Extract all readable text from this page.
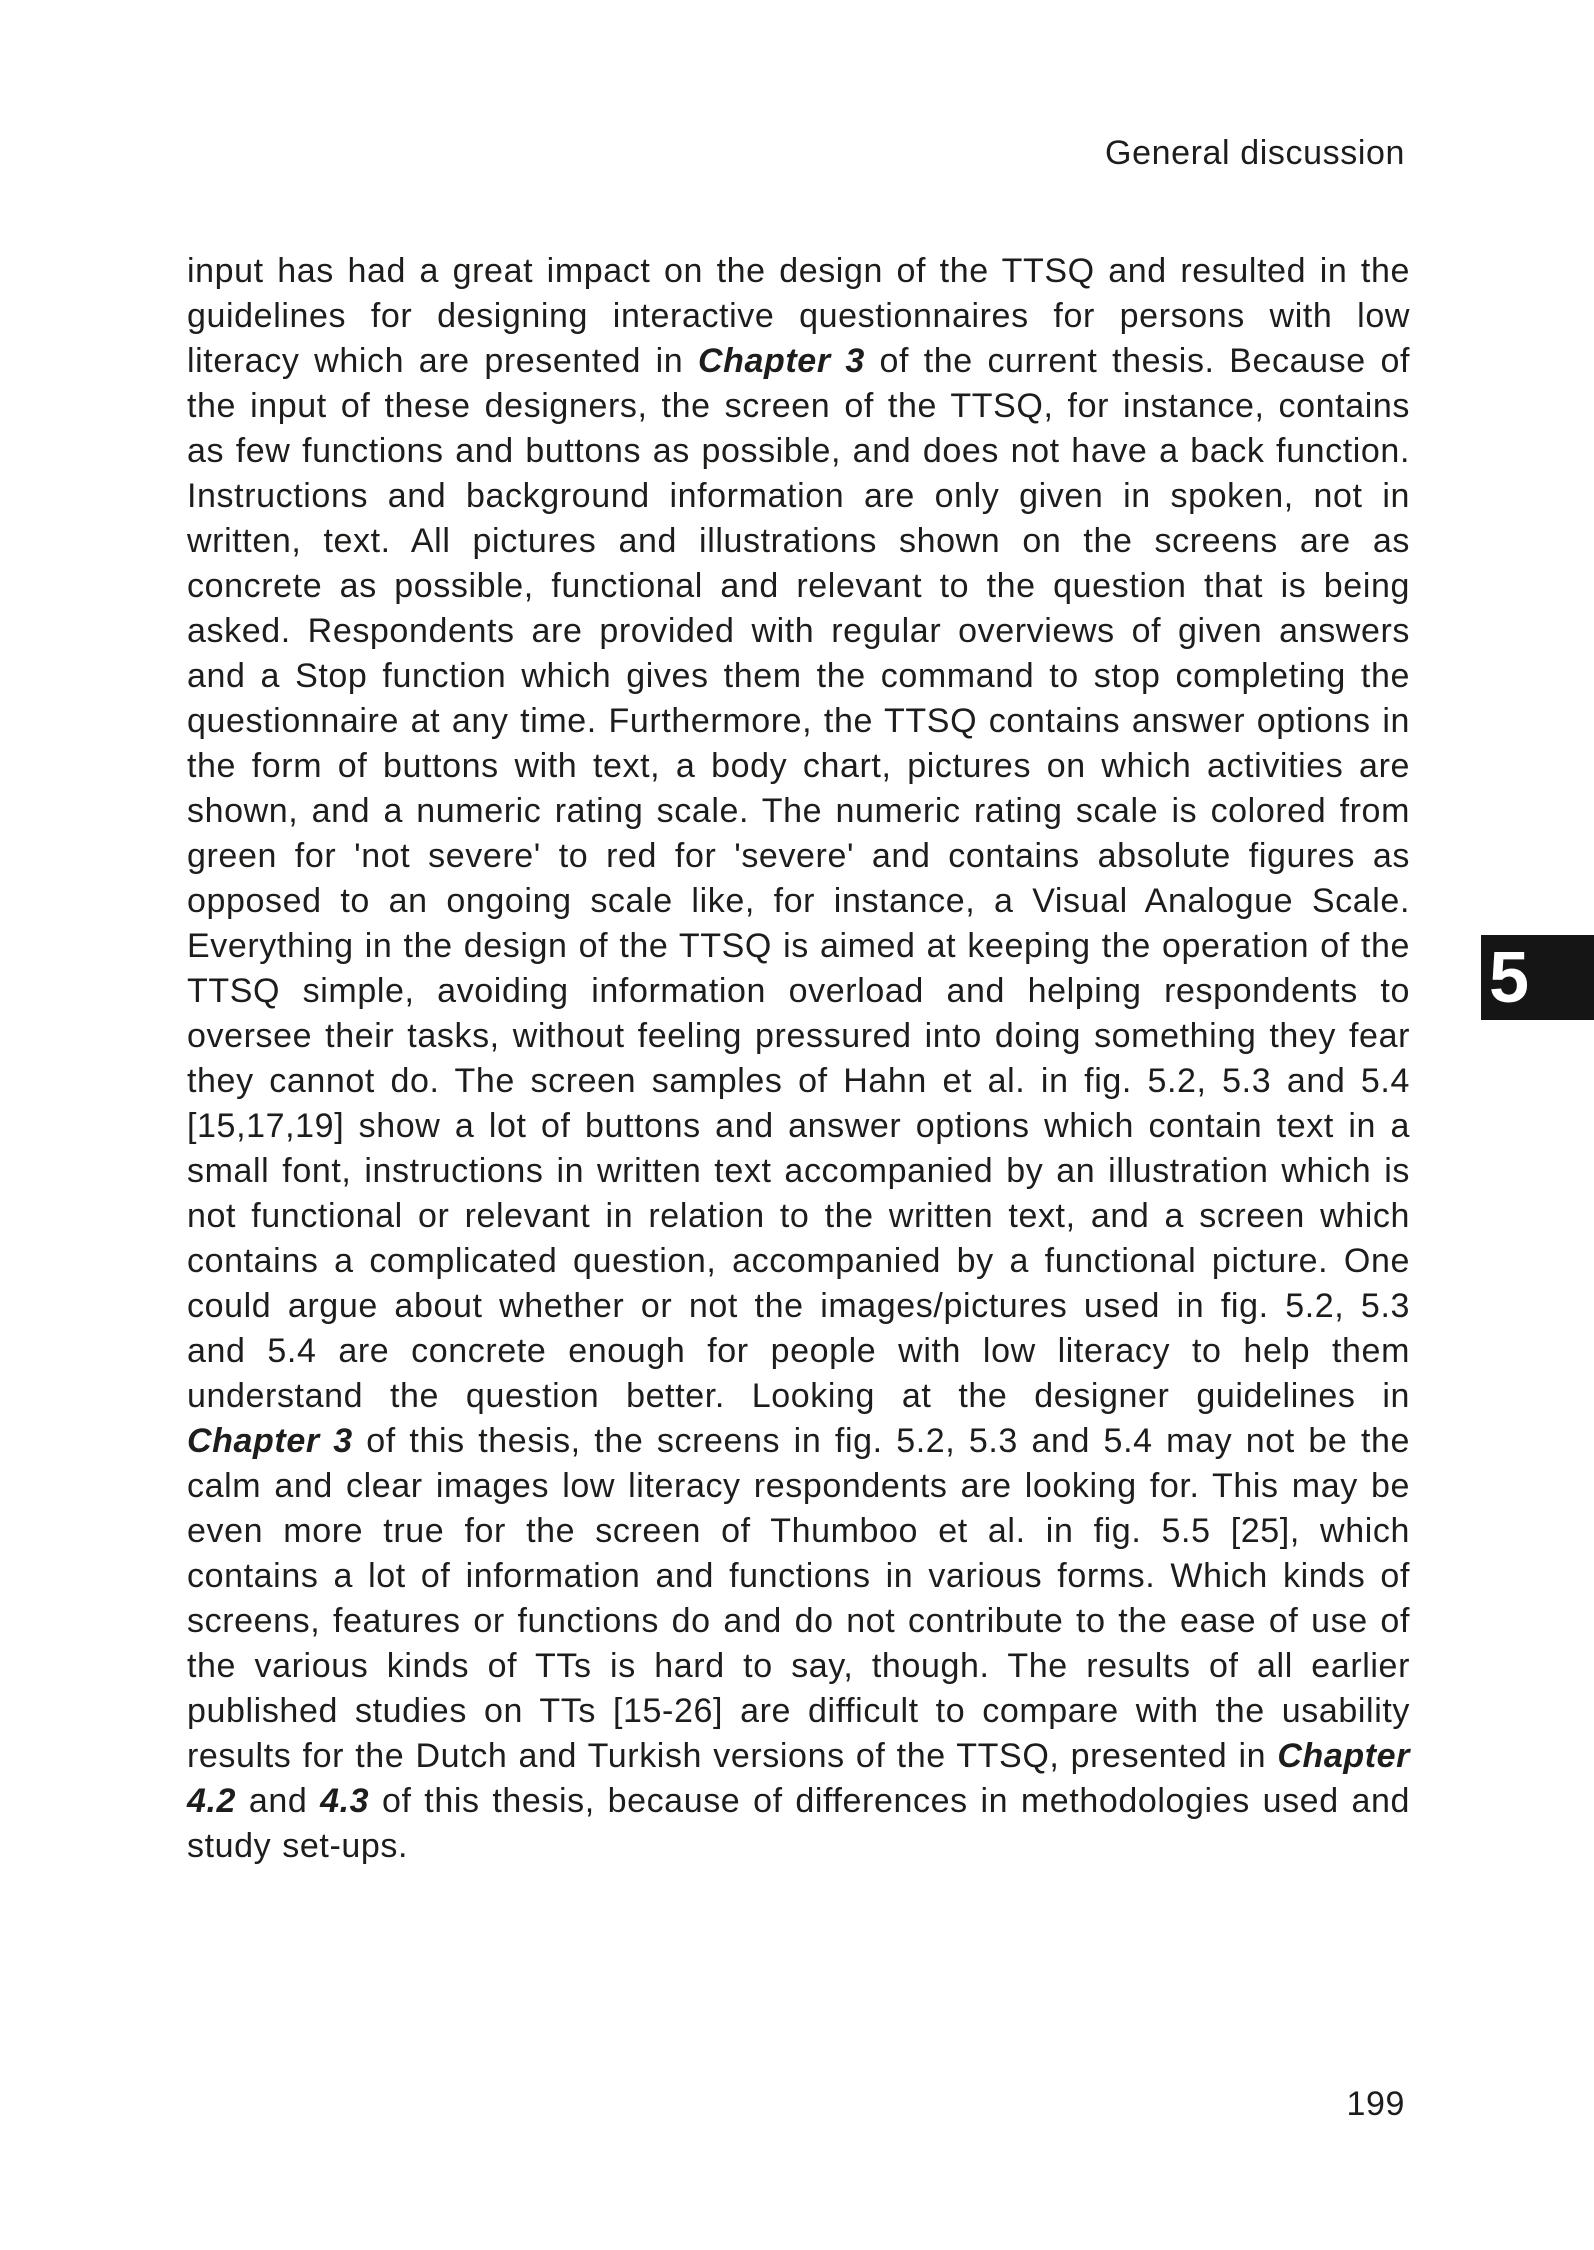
General discussion
input has had a great impact on the design of the TTSQ and resulted in the guidelines for designing interactive questionnaires for persons with low literacy which are presented in Chapter 3 of the current thesis. Because of the input of these designers, the screen of the TTSQ, for instance, contains as few functions and buttons as possible, and does not have a back function. Instructions and background information are only given in spoken, not in written, text. All pictures and illustrations shown on the screens are as concrete as possible, functional and relevant to the question that is being asked. Respondents are provided with regular overviews of given answers and a Stop function which gives them the command to stop completing the questionnaire at any time. Furthermore, the TTSQ contains answer options in the form of buttons with text, a body chart, pictures on which activities are shown, and a numeric rating scale. The numeric rating scale is colored from green for 'not severe' to red for 'severe' and contains absolute figures as opposed to an ongoing scale like, for instance, a Visual Analogue Scale. Everything in the design of the TTSQ is aimed at keeping the operation of the TTSQ simple, avoiding information overload and helping respondents to oversee their tasks, without feeling pressured into doing something they fear they cannot do. The screen samples of Hahn et al. in fig. 5.2, 5.3 and 5.4 [15,17,19] show a lot of buttons and answer options which contain text in a small font, instructions in written text accompanied by an illustration which is not functional or relevant in relation to the written text, and a screen which contains a complicated question, accompanied by a functional picture. One could argue about whether or not the images/pictures used in fig. 5.2, 5.3 and 5.4 are concrete enough for people with low literacy to help them understand the question better. Looking at the designer guidelines in Chapter 3 of this thesis, the screens in fig. 5.2, 5.3 and 5.4 may not be the calm and clear images low literacy respondents are looking for. This may be even more true for the screen of Thumboo et al. in fig. 5.5 [25], which contains a lot of information and functions in various forms. Which kinds of screens, features or functions do and do not contribute to the ease of use of the various kinds of TTs is hard to say, though. The results of all earlier published studies on TTs [15-26] are difficult to compare with the usability results for the Dutch and Turkish versions of the TTSQ, presented in Chapter 4.2 and 4.3 of this thesis, because of differences in methodologies used and study set-ups.
5
199
